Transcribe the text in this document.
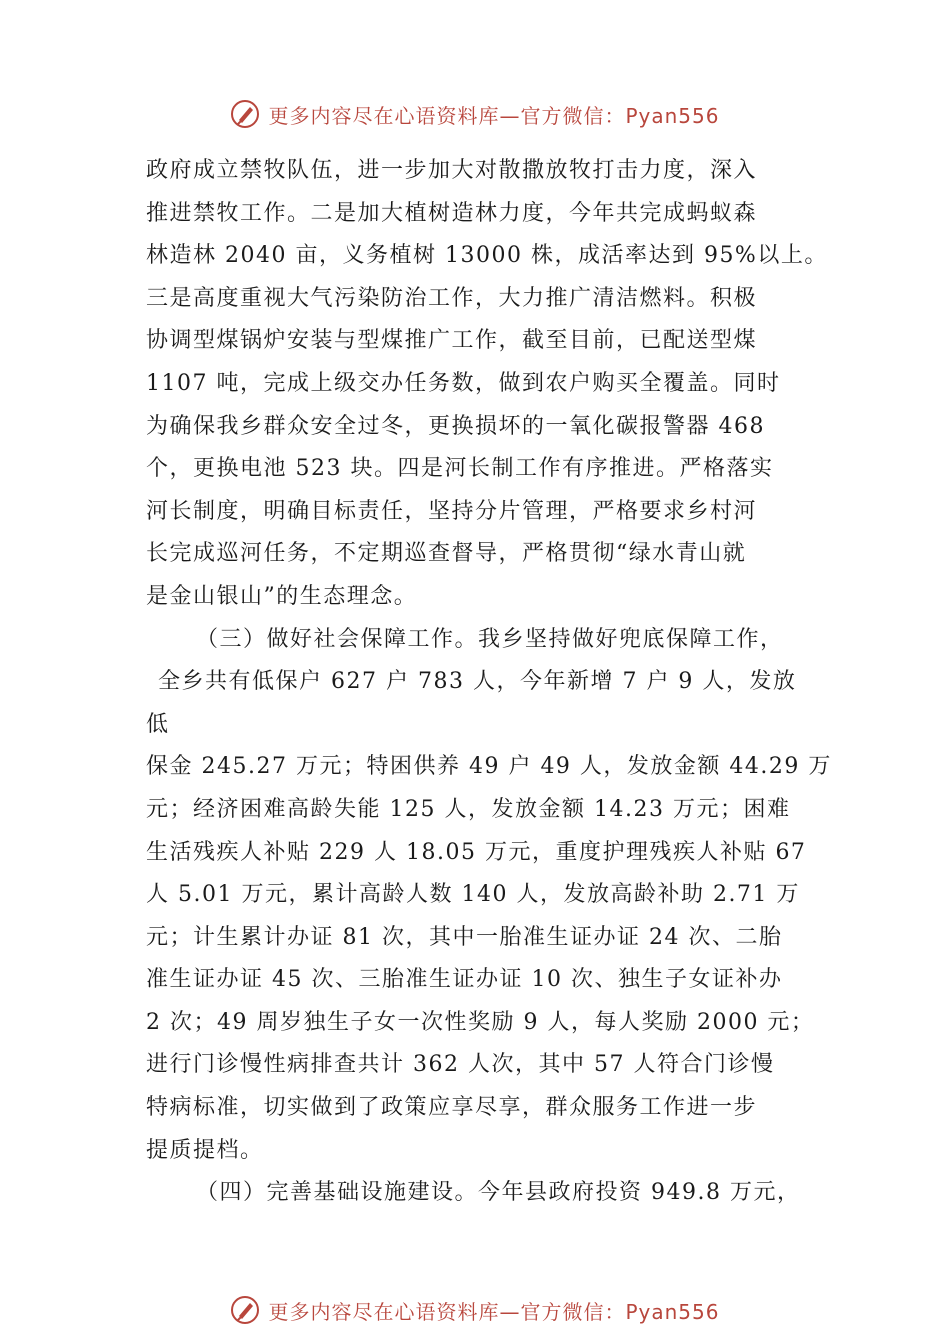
更多内容尽在心语资料库—官方微信：Pyan556
政府成立禁牧队伍，进一步加大对散撒放牧打击力度，深入
推进禁牧工作。二是加大植树造林力度，今年共完成蚂蚁森
林造林 2040 亩，义务植树 13000 株，成活率达到 95%以上。
三是高度重视大气污染防治工作，大力推广清洁燃料。积极
协调型煤锅炉安装与型煤推广工作，截至目前，已配送型煤
1107 吨，完成上级交办任务数，做到农户购买全覆盖。同时
为确保我乡群众安全过冬，更换损坏的一氧化碳报警器 468
个，更换电池 523 块。四是河长制工作有序推进。严格落实
河长制度，明确目标责任，坚持分片管理，严格要求乡村河
长完成巡河任务，不定期巡查督导，严格贯彻“绿水青山就
是金山银山”的生态理念。
（三）做好社会保障工作。我乡坚持做好兜底保障工作，
全乡共有低保户 627 户 783 人，今年新增 7 户 9 人，发放
低
保金 245.27 万元；特困供养 49 户 49 人，发放金额 44.29 万
元；经济困难高龄失能 125 人，发放金额 14.23 万元；困难
生活残疾人补贴 229 人 18.05 万元，重度护理残疾人补贴 67
人 5.01 万元，累计高龄人数 140 人，发放高龄补助 2.71 万
元；计生累计办证 81 次，其中一胎准生证办证 24 次、二胎
准生证办证 45 次、三胎准生证办证 10 次、独生子女证补办
2 次；49 周岁独生子女一次性奖励 9 人，每人奖励 2000 元；
进行门诊慢性病排查共计 362 人次，其中 57 人符合门诊慢
特病标准，切实做到了政策应享尽享，群众服务工作进一步
提质提档。
（四）完善基础设施建设。今年县政府投资 949.8 万元，
更多内容尽在心语资料库—官方微信：Pyan556
